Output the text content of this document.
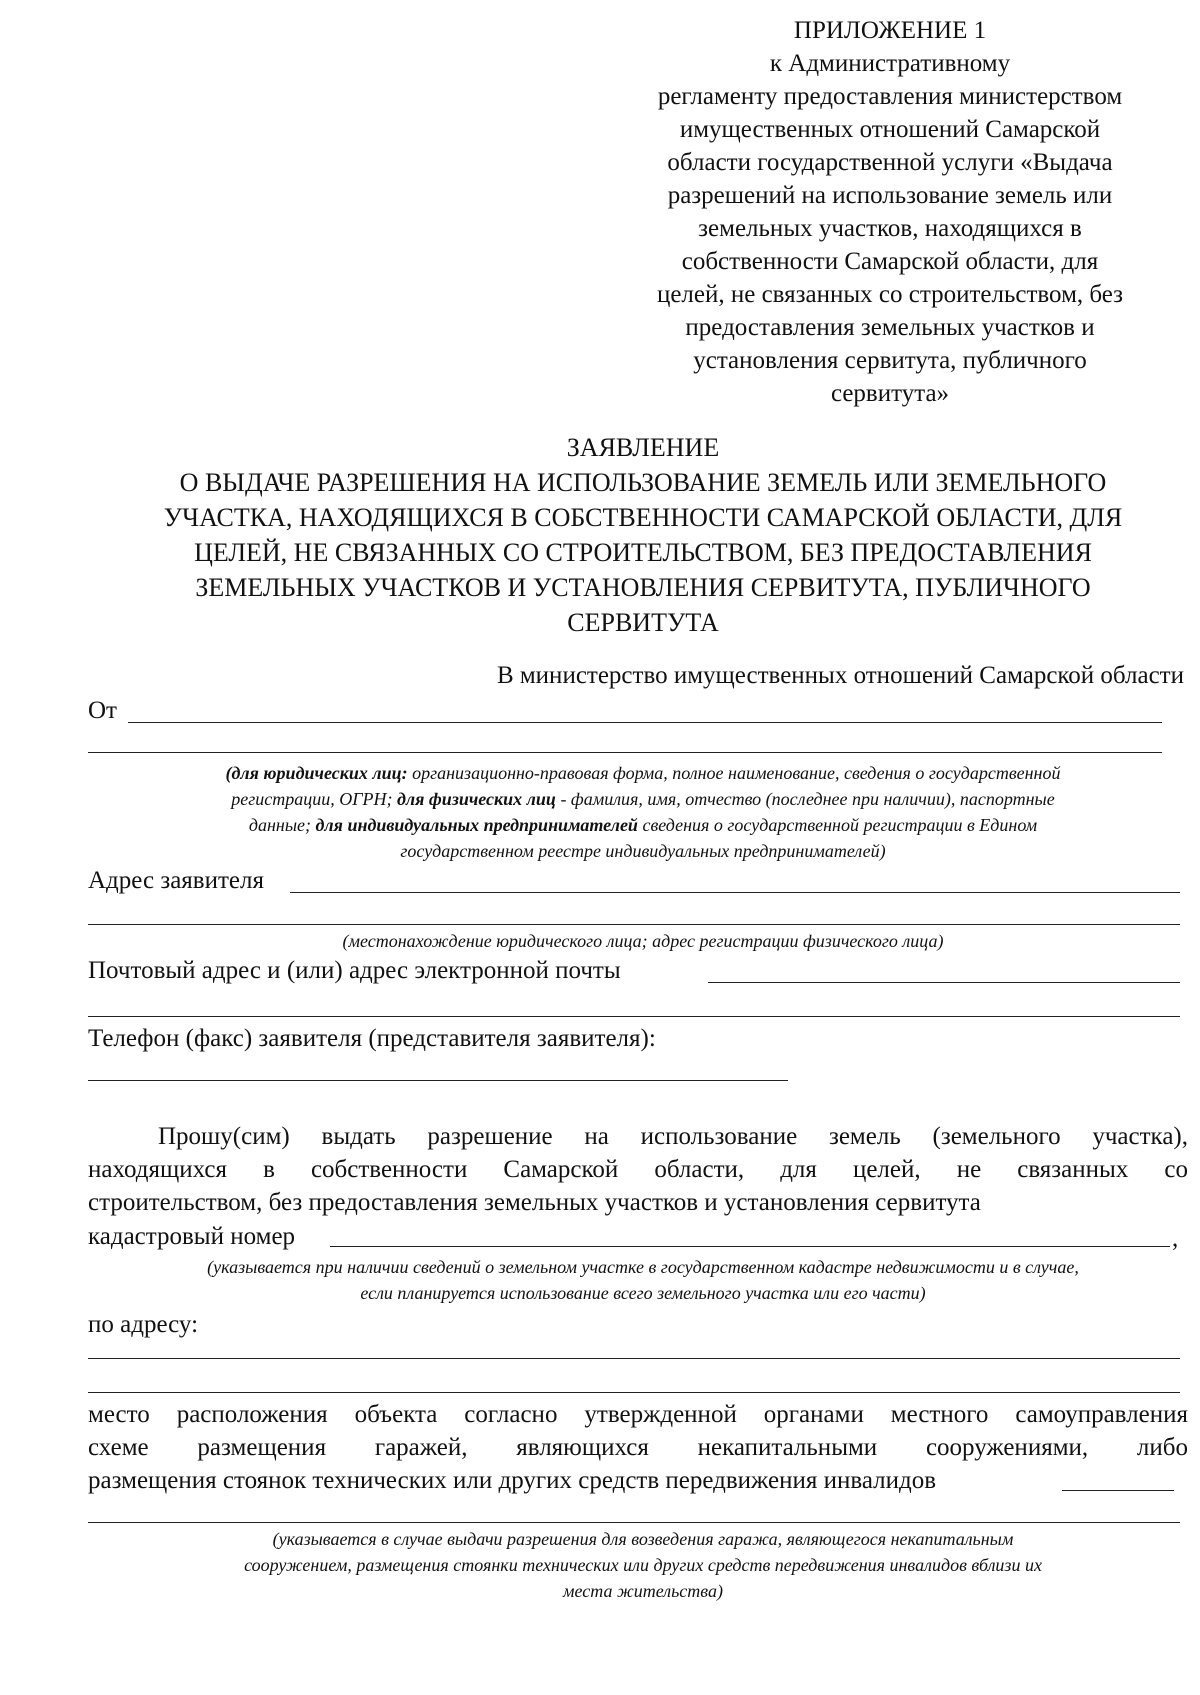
ПРИЛОЖЕНИЕ 1
к Административному
регламенту предоставления министерством
имущественных отношений Самарской
области государственной услуги «Выдача
разрешений на использование земель или
земельных участков, находящихся в
собственности Самарской области, для
целей, не связанных со строительством, без
предоставления земельных участков и
установления сервитута, публичного
сервитута»
ЗАЯВЛЕНИЕ
О ВЫДАЧЕ РАЗРЕШЕНИЯ НА ИСПОЛЬЗОВАНИЕ ЗЕМЕЛЬ ИЛИ ЗЕМЕЛЬНОГО
УЧАСТКА, НАХОДЯЩИХСЯ В СОБСТВЕННОСТИ САМАРСКОЙ ОБЛАСТИ, ДЛЯ
ЦЕЛЕЙ, НЕ СВЯЗАННЫХ СО СТРОИТЕЛЬСТВОМ, БЕЗ ПРЕДОСТАВЛЕНИЯ
ЗЕМЕЛЬНЫХ УЧАСТКОВ И УСТАНОВЛЕНИЯ СЕРВИТУТА, ПУБЛИЧНОГО
СЕРВИТУТА
В министерство имущественных отношений Самарской области
От
(для юридических лиц: организационно-правовая форма, полное наименование, сведения о государственной
регистрации, ОГРН; для физических лиц - фамилия, имя, отчество (последнее при наличии), паспортные
данные; для индивидуальных предпринимателей сведения о государственной регистрации в Едином
государственном реестре индивидуальных предпринимателей)
Адрес заявителя
(местонахождение юридического лица; адрес регистрации физического лица)
Почтовый адрес и (или) адрес электронной почты
Телефон (факс) заявителя (представителя заявителя):
Прошу(сим) выдать разрешение на использование земель (земельного участка),
находящихся в собственности Самарской области, для целей, не связанных со
строительством, без предоставления земельных участков и установления сервитута
кадастровый номер	,
(указывается при наличии сведений о земельном участке в государственном кадастре недвижимости и в случае,
если планируется использование всего земельного участка или его части)
по адресу:
место расположения объекта согласно утвержденной органами местного самоуправления
схеме размещения гаражей, являющихся некапитальными сооружениями, либо
размещения стоянок технических или других средств передвижения инвалидов
(указывается в случае выдачи разрешения для возведения гаража, являющегося некапитальным
сооружением, размещения стоянки технических или других средств передвижения инвалидов вблизи их
места жительства)
